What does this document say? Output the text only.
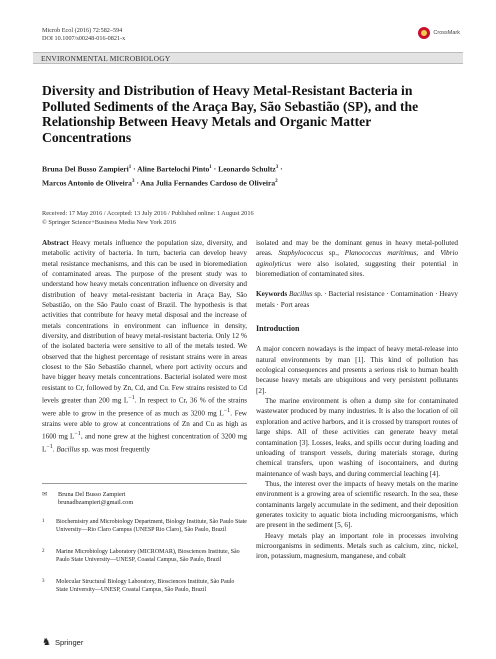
Microb Ecol (2016) 72:582–594
DOI 10.1007/s00248-016-0821-x
CrossMark
ENVIRONMENTAL MICROBIOLOGY
Diversity and Distribution of Heavy Metal-Resistant Bacteria in Polluted Sediments of the Araça Bay, São Sebastião (SP), and the Relationship Between Heavy Metals and Organic Matter Concentrations
Bruna Del Busso Zampieri$^1$ · Aline Bartelochi Pinto$^1$ · Leonardo Schultz$^3$ ·
Marcos Antonio de Oliveira$^3$ · Ana Julia Fernandes Cardoso de Oliveira$^2$
Received: 17 May 2016 / Accepted: 13 July 2016 / Published online: 1 August 2016
© Springer Science+Business Media New York 2016

Abstract Heavy metals influence the population size, diversity, and metabolic activity of bacteria. In turn, bacteria can develop heavy metal resistance mechanisms, and this can be used in bioremediation of contaminated areas. The purpose of the present study was to understand how heavy metals concentration influence on diversity and distribution of heavy metal-resistant bacteria in Araça Bay, São Sebastião, on the São Paulo coast of Brazil. The hypothesis is that activities that contribute for heavy metal disposal and the increase of metals concentrations in environment can influence in density, diversity, and distribution of heavy metal-resistant bacteria. Only 12 % of the isolated bacteria were sensitive to all of the metals tested. We observed that the highest percentage of resistant strains were in areas closest to the São Sebastião channel, where port activity occurs and have bigger heavy metals concentrations. Bacterial isolated were most resistant to Cr, followed by Zn, Cd, and Cu. Few strains resisted to Cd levels greater than 200 mg $L^{-1}$. In respect to Cr, 36 % of the strains were able to grow in the presence of as much as 3200 mg $L^{-1}$. Few strains were able to grow at concentrations of Zn and Cu as high as 1600 mg $L^{-1}$, and none grew at the highest concentration of 3200 mg $L^{-1}$. Bacillus sp. was most frequently

isolated and may be the dominant genus in heavy metal-polluted areas. Staphylococcus sp., Planococcus maritimus, and Vibrio aginolyticus were also isolated, suggesting their potential in bioremediation of contaminated sites.

Keywords Bacillus sp. · Bacterial resistance · Contamination · Heavy metals · Port areas

Introduction

A major concern nowadays is the impact of heavy metal-release into natural environments by man [1]. This kind of pollution has ecological consequences and presents a serious risk to human health because heavy metals are ubiquitous and very persistent pollutants [2].

The marine environment is often a dump site for contaminated wastewater produced by many industries. It is also the location of oil exploration and active harbors, and it is crossed by transport routes of large ships. All of these activities can generate heavy metal contamination [3]. Losses, leaks, and spills occur during loading and unloading of transport vessels, during materials storage, during chemical transfers, upon washing of isocontainers, and during maintenance of wash bays, and during commercial leaching [4].

Thus, the interest over the impacts of heavy metals on the marine environment is a growing area of scientific research. In the sea, these contaminants largely accumulate in the sediment, and their deposition generates toxicity to aquatic biota including microorganisms, which are present in the sediment [5, 6].

Heavy metals play an important role in processes involving microorganisms in sediments. Metals such as calcium, zinc, nickel, iron, potassium, magnesium, manganese, and cobalt

✉ Bruna Del Busso Zampieri
brunadbzampieri@gmail.com
1 Biochemistry and Microbiology Department, Biology Institute, São Paulo State University—Rio Claro Campus (UNESP Rio Claro), São Paulo, Brazil
2 Marine Microbiology Laboratory (MICROMAR), Biosciences Institute, São Paulo State University—UNESP, Coastal Campus, São Paulo, Brazil
3 Molecular Structural Biology Laboratory, Biosciences Institute, São Paulo State University—UNESP, Coastal Campus, São Paulo, Brazil
♞ Springer
